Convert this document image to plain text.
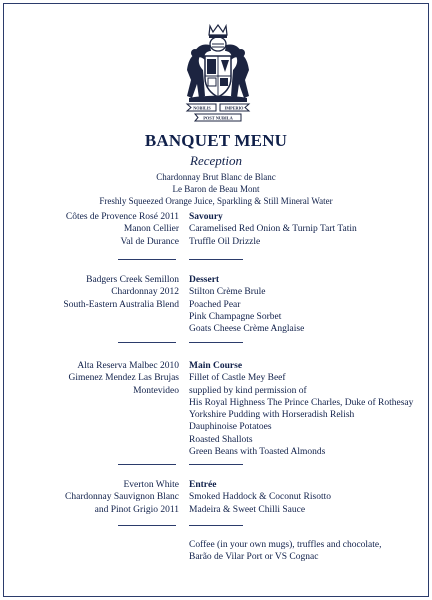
NOBILIS	IMPERIO
POST NUBILA
BANQUET MENU
Reception
Chardonnay Brut Blanc de Blanc
Le Baron de Beau Mont
Freshly Squeezed Orange Juice, Sparkling & Still Mineral Water
Côtes de Provence Rosé 2011
Manon Cellier
Val de Durance
Savoury
Caramelised Red Onion & Turnip Tart Tatin
Truffle Oil Drizzle
Badgers Creek Semillon
Chardonnay 2012
South-Eastern Australia Blend
Dessert
Stilton Crème Brule
Poached Pear
Pink Champagne Sorbet
Goats Cheese Crème Anglaise
Alta Reserva Malbec 2010
Gimenez Mendez Las Brujas
Montevideo
Main Course
Fillet of Castle Mey Beef
supplied by kind permission of
His Royal Highness The Prince Charles, Duke of Rothesay
Yorkshire Pudding with Horseradish Relish
Dauphinoise Potatoes
Roasted Shallots
Green Beans with Toasted Almonds
Everton White
Chardonnay Sauvignon Blanc
and Pinot Grigio 2011
Entrée
Smoked Haddock & Coconut Risotto
Madeira & Sweet Chilli Sauce
Coffee (in your own mugs), truffles and chocolate,
Barão de Vilar Port or VS Cognac
